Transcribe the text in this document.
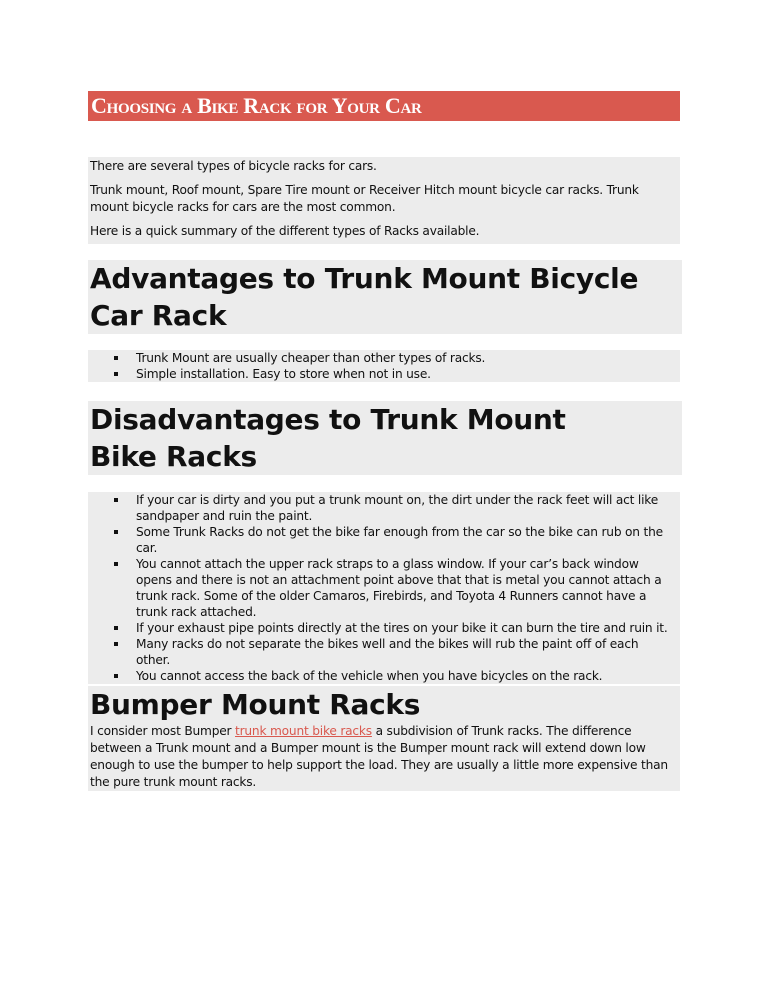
Choosing a Bike Rack for Your Car
There are several types of bicycle racks for cars.
Trunk mount, Roof mount, Spare Tire mount or Receiver Hitch mount bicycle car racks. Trunk mount bicycle racks for cars are the most common.
Here is a quick summary of the different types of Racks available.
Advantages to Trunk Mount Bicycle Car Rack
Trunk Mount are usually cheaper than other types of racks.
Simple installation. Easy to store when not in use.
Disadvantages to Trunk Mount Bike Racks
If your car is dirty and you put a trunk mount on, the dirt under the rack feet will act like sandpaper and ruin the paint.
Some Trunk Racks do not get the bike far enough from the car so the bike can rub on the car.
You cannot attach the upper rack straps to a glass window. If your car’s back window opens and there is not an attachment point above that that is metal you cannot attach a trunk rack. Some of the older Camaros, Firebirds, and Toyota 4 Runners cannot have a trunk rack attached.
If your exhaust pipe points directly at the tires on your bike it can burn the tire and ruin it.
Many racks do not separate the bikes well and the bikes will rub the paint off of each other.
You cannot access the back of the vehicle when you have bicycles on the rack.
Bumper Mount Racks
I consider most Bumper trunk mount bike racks a subdivision of Trunk racks. The difference between a Trunk mount and a Bumper mount is the Bumper mount rack will extend down low enough to use the bumper to help support the load. They are usually a little more expensive than the pure trunk mount racks.
